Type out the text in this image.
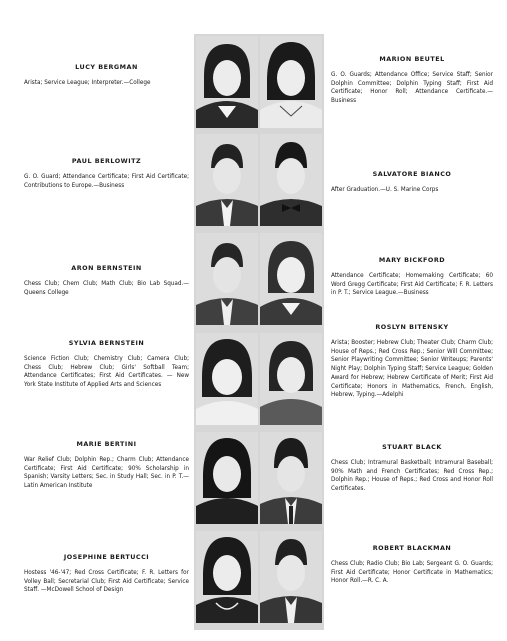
LUCY BERGMAN
Arista; Service League; Interpreter.—College
PAUL BERLOWITZ
G. O. Guard; Attendance Certificate; First Aid Certificate; Contributions to Europe.—Business
ARON BERNSTEIN
Chess Club; Chem Club; Math Club; Bio Lab Squad.—Queens College
SYLVIA BERNSTEIN
Science Fiction Club; Chemistry Club; Camera Club; Chess Club; Hebrew Club; Girls' Softball Team; Attendance Certificates; First Aid Certificates. — New York State Institute of Applied Arts and Sciences
MARIE BERTINI
War Relief Club; Dolphin Rep.; Charm Club; Attendance Certificate; First Aid Certificate; 90% Scholarship in Spanish; Varsity Letters; Sec. in Study Hall; Sec. in P. T.—Latin American Institute
JOSEPHINE BERTUCCI
Hostess '46-'47; Red Cross Certificate; F. R. Letters for Volley Ball; Secretarial Club; First Aid Certificate; Service Staff. —McDowell School of Design
MARION BEUTEL
G. O. Guards; Attendance Office; Service Staff; Senior Dolphin Committee; Dolphin Typing Staff; First Aid Certificate; Honor Roll; Attendance Certificate.—Business
SALVATORE BIANCO
After Graduation.—U. S. Marine Corps
MARY BICKFORD
Attendance Certificate; Homemaking Certificate; 60 Word Gregg Certificate; First Aid Certificate; F. R. Letters in P. T.; Service League.—Business
ROSLYN BITENSKY
Arista; Booster; Hebrew Club; Theater Club; Charm Club; House of Reps.; Red Cross Rep.; Senior Will Committee; Senior Playwriting Committee; Senior Writeups; Parents' Night Play; Dolphin Typing Staff; Service League; Golden Award for Hebrew; Hebrew Certificate of Merit; First Aid Certificate; Honors in Mathematics, French, English, Hebrew, Typing.—Adelphi
STUART BLACK
Chess Club; Intramural Basketball; Intramural Baseball; 90% Math and French Certificates; Red Cross Rep.; Dolphin Rep.; House of Reps.; Red Cross and Honor Roll Certificates.
ROBERT BLACKMAN
Chess Club; Radio Club; Bio Lab; Sergeant G. O. Guards; First Aid Certificate; Honor Certificate in Mathematics; Honor Roll.—R. C. A.
